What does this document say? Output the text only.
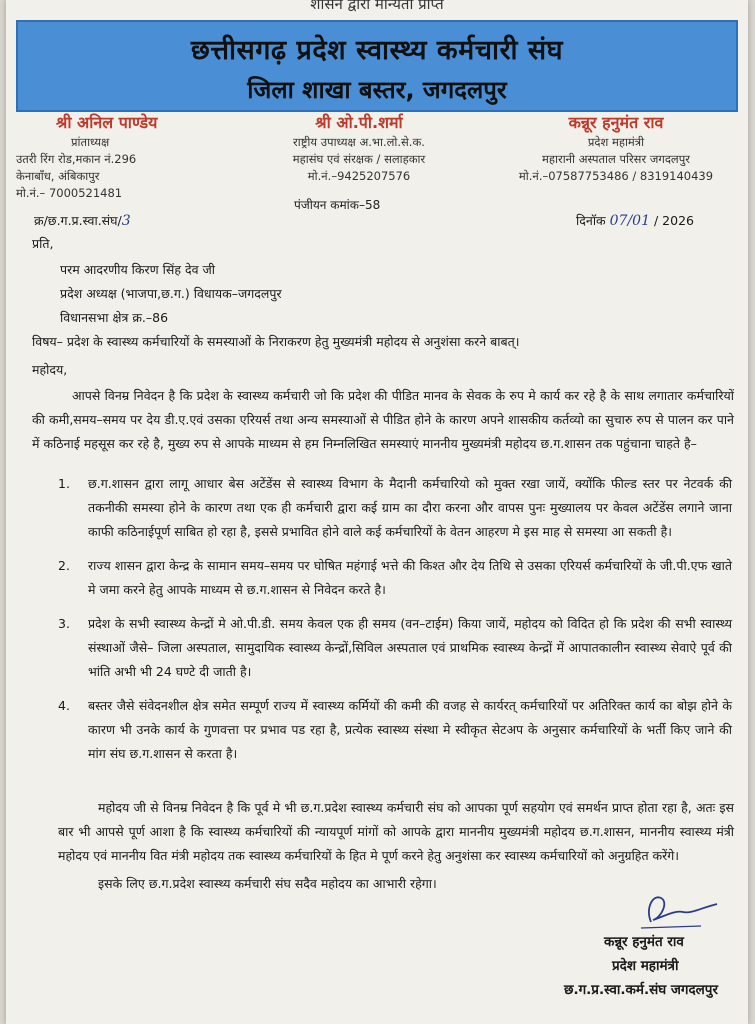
शासन द्वारा मान्यता प्राप्त
छत्तीसगढ़ प्रदेश स्वास्थ्य कर्मचारी संघ
जिला शाखा बस्तर, जगदलपुर
श्री अनिल पाण्डेय
प्रांताध्यक्ष
उतरी रिंग रोड,मकान नं.296
केनाबाँध, अंबिकापुर
मो.नं.– 7000521481
श्री ओ.पी.शर्मा
राष्ट्रीय उपाध्यक्ष अ.भा.लो.से.क.
महासंघ एवं संरक्षक / सलाहकार
मो.नं.–9425207576
कन्नूर हनुमंत राव
प्रदेश महामंत्री
महारानी अस्पताल परिसर जगदलपुर
मो.नं.–07587753486 / 8319140439
पंजीयन कमांक–58
क्र/छ.ग.प्र.स्वा.संघ/3	दिनॉक 07/01 / 2026
प्रति,
परम आदरणीय किरण सिंह देव जी
प्रदेश अध्यक्ष (भाजपा,छ.ग.) विधायक–जगदलपुर
विधानसभा क्षेत्र क्र.–86
विषय– प्रदेश के स्वास्थ्य कर्मचारियों के समस्याओं के निराकरण हेतु मुख्यमंत्री महोदय से अनुशंसा करने बाबत्।
महोदय,
आपसे विनम्र निवेदन है कि प्रदेश के स्वास्थ्य कर्मचारी जो कि प्रदेश की पीडित मानव के सेवक के रुप मे कार्य कर रहे है के साथ लगातार कर्मचारियों की कमी,समय–समय पर देय डी.ए.एवं उसका एरियर्स तथा अन्य समस्याओं से पीडित होने के कारण अपने शासकीय कर्तव्यो का सुचारु रुप से पालन कर पाने में कठिनाई महसूस कर रहे है, मुख्य रुप से आपके माध्यम से हम निम्नलिखित समस्याएं माननीय मुख्यमंत्री महोदय छ.ग.शासन तक पहुंचाना चाहते है–
1. छ.ग.शासन द्वारा लागू आधार बेस अटेंडेंस से स्वास्थ्य विभाग के मैदानी कर्मचारियो को मुक्त रखा जायें, क्योंकि फील्ड स्तर पर नेटवर्क की तकनीकी समस्या होने के कारण तथा एक ही कर्मचारी द्वारा कई ग्राम का दौरा करना और वापस पुनः मुख्यालय पर केवल अटेंडेंस लगाने जाना काफी कठिनाईपूर्ण साबित हो रहा है, इससे प्रभावित होने वाले कई कर्मचारियों के वेतन आहरण मे इस माह से समस्या आ सकती है।
2. राज्य शासन द्वारा केन्द्र के सामान समय–समय पर घोषित महंगाई भत्ते की किश्त और देय तिथि से उसका एरियर्स कर्मचारियों के जी.पी.एफ खाते मे जमा करने हेतु आपके माध्यम से छ.ग.शासन से निवेदन करते है।
3. प्रदेश के सभी स्वास्थ्य केन्द्रों मे ओ.पी.डी. समय केवल एक ही समय (वन–टाईम) किया जायें, महोदय को विदित हो कि प्रदेश की सभी स्वास्थ्य संस्थाओं जैसे– जिला अस्पताल, सामुदायिक स्वास्थ्य केन्द्रों,सिविल अस्पताल एवं प्राथमिक स्वास्थ्य केन्द्रों में आपातकालीन स्वास्थ्य सेवाऐ पूर्व की भांति अभी भी 24 घण्टे दी जाती है।
4. बस्तर जैसे संवेदनशील क्षेत्र समेत सम्पूर्ण राज्य में स्वास्थ्य कर्मियों की कमी की वजह से कार्यरत् कर्मचारियों पर अतिरिक्त कार्य का बोझ होने के कारण भी उनके कार्य के गुणवत्ता पर प्रभाव पड रहा है, प्रत्येक स्वास्थ्य संस्था मे स्वीकृत सेटअप के अनुसार कर्मचारियों के भर्ती किए जाने की मांग संघ छ.ग.शासन से करता है।
महोदय जी से विनम्र निवेदन है कि पूर्व मे भी छ.ग.प्रदेश स्वास्थ्य कर्मचारी संघ को आपका पूर्ण सहयोग एवं समर्थन प्राप्त होता रहा है, अतः इस बार भी आपसे पूर्ण आशा है कि स्वास्थ्य कर्मचारियों की न्यायपूर्ण मांगों को आपके द्वारा माननीय मुख्यमंत्री महोदय छ.ग.शासन, माननीय स्वास्थ्य मंत्री महोदय एवं माननीय वित मंत्री महोदय तक स्वास्थ्य कर्मचारियों के हित मे पूर्ण करने हेतु अनुशंसा कर स्वास्थ्य कर्मचारियों को अनुग्रहित करेंगे।
इसके लिए छ.ग.प्रदेश स्वास्थ्य कर्मचारी संघ सदैव महोदय का आभारी रहेगा।
कन्नूर हनुमंत राव
प्रदेश महामंत्री
छ.ग.प्र.स्वा.कर्म.संघ जगदलपुर
